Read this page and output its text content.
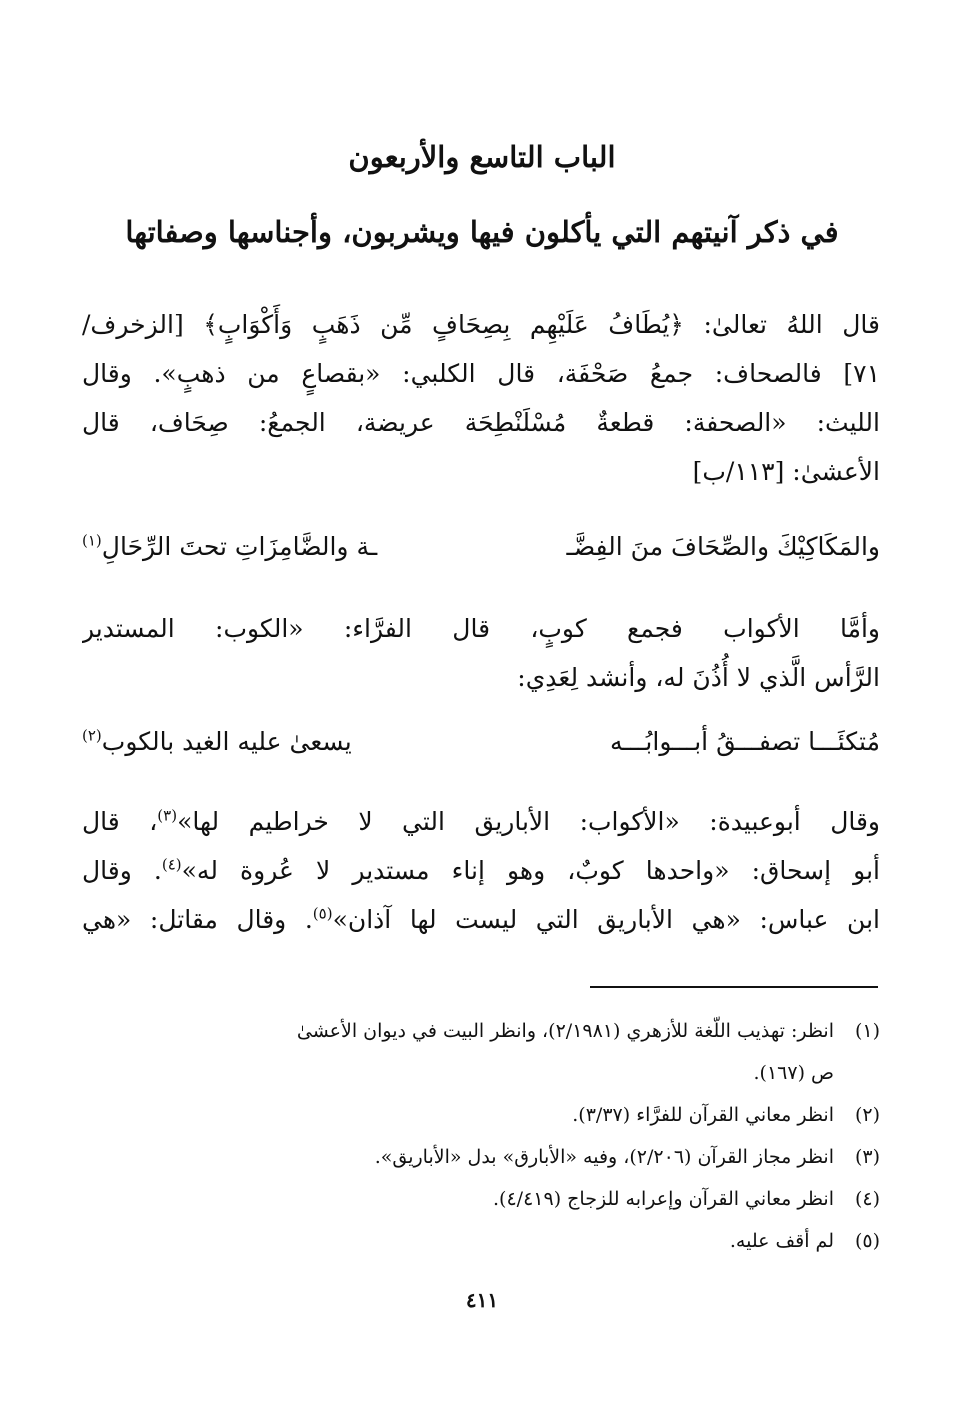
الباب التاسع والأربعون
في ذكر آنيتهم التي يأكلون فيها ويشربون، وأجناسها وصفاتها
قال اللهُ تعالىٰ: ﴿يُطَافُ عَلَيْهِم بِصِحَافٍ مِّن ذَهَبٍ وَأَكْوَابٍ﴾ [الزخرف/
٧١] فالصحاف: جمعُ صَحْفَة، قال الكلبي: «بقصاعٍ من ذهبٍ». وقال
الليث: «الصحفة: قطعةٌ مُسْلَنْطِحَة عريضة، الجمعُ: صِحَاف، قال
الأعشىٰ: [١١٣/ب]
والمَكَاكِيْكَ والصِّحَافَ منَ الفِضَّـ
ـة والضَّامِزَاتِ تحتَ الرِّحَالِ$^{(١)}$
وأمَّا الأكواب فجمع كوبٍ، قال الفرَّاء: «الكوب: المستدير
الرَّأس الَّذي لا أُذُنَ له، وأنشد لِعَدِي:
مُتكئَـــا تصفـــقُ أبـــوابُـــه
يسعىٰ عليه الغيد بالكوب$^{(٢)}$
وقال أبوعبيدة: «الأكواب: الأباريق التي لا خراطيم لها»$^{(٣)}$، قال
أبو إسحاق: «واحدها كوبٌ، وهو إناء مستدير لا عُروة له»$^{(٤)}$. وقال
ابن عباس: «هي الأباريق التي ليست لها آذان»$^{(٥)}$. وقال مقاتل: «هي
(١)
انظر: تهذيب اللّغة للأزهري (٢/١٩٨١)، وانظر البيت في ديوان الأعشىٰ
ص (١٦٧).
(٢)
انظر معاني القرآن للفرَّاء (٣/٣٧).
(٣)
انظر مجاز القرآن (٢/٢٠٦)، وفيه «الأبارق» بدل «الأباريق».
(٤)
انظر معاني القرآن وإعرابه للزجاج (٤/٤١٩).
(٥)
لم أقف عليه.
٤١١
